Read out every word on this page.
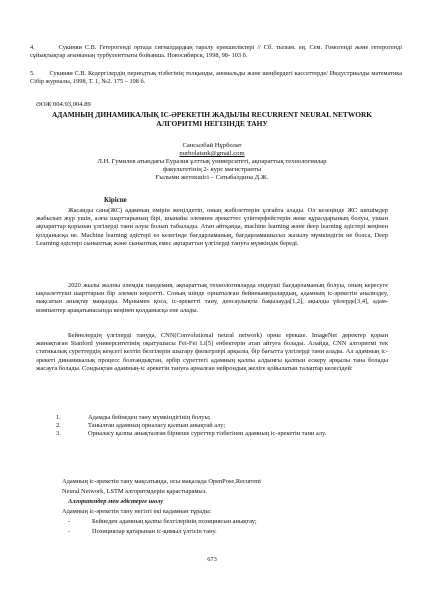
4.        Сукиняи С.В. Гетерогенді ортада сигналдардың таралу ерекшеліктері // Сб. тылым. ең. Сем. Гомогенді және гетерогенді сұйықтықтар ағынының турбуленттығы бойынша. Новосибирск, 1998, 98- 103 б.

5.        Сукиняи С.В. Кедергілердің периодтық тізбегінің толқынды, аномальды және шеңбердегі кассеттерде/ Индустриалды математика Сібір журналы, 1998, Т. 1, №2. 175 – 198 б.

ӘОЖ 004.93,004.89

АДАМНЫҢ ДИНАМИКАЛЫҚ ІС-ӘРЕКЕТІН ЖАДЫЛЫ RECURRENT NEURAL NETWORK АЛГОРИТМІ НЕГІЗІНДЕ ТАНУ

Сансызбай Нұрболат

nurbolatsnk@gmail.com

Л.Н. Гумилев атындағы Еуразия ұлттық университеті, ақпараттық технологиялар

факультетінің 2- курс магистранты

Ғылыми жетекшісі – Сатыбалдина Д.Ж.

Кіріспе

Жасанды сана(ЖС) адамның өмірін жеңілдетіп, оның жәбілеттерін ұлғайта алады. Ол кезеңінде ЖС шешімдер жабылып жүр ушін, алғы шарттарының бірі, шынайы әлемнен әрекеттес үзінтерфейстерін жеке құралдарының болуы, ушын ақпараттар қорынан үлгілерді тани алуы болып табылады. Атап айтқанда, machine learning және deep learning әдістері кеңінен қолданысқа не. Machine learning әдістері өз кезегінде бағдарламаның, бағдарламашысыз жазылу мүмкіндігін не болса, Deep Learning әдістері сыныптық және сыныптық емес ақпараттан үлгілерді тануға мүмкіндік береді.

2020 жылы жалпы әлемдік пандемия, ақпараттық технологияларда ендеуші бағдарламаның болуы, оның кересуге ықпалеттуші шарттарын бір әлемен көрсетті. Соның шінде орнатылған бейнекамералардың, адамның іс-әрекетін анализдеу, мақсатын анықтау маңызды. Мұнымен қоса, іс-әрекетті тану, денсаулықты бақылауда[1,2], ақылды үйлерде[3,4], адам-компьютер арақатынасында кеңінен қолданысқа ене алады.

Бейнелердің үлгілерді тануда, CNN(Convolutional neural network) орны ерекше. ImageNet деректер қорын жинақтаған Stanford университетінің оқытушысы Fei-Fei Li[5] енбектерін атап айтуға болады. Алайда, CNN алгоритмі тек статикалық суреттердің кеңсегі келтіп белгілерін шыгару фильтрлері арқылы, бір бағытта үлгілерді тани алады. Ал адамның іс-әрекеті динамикалық процесс болғандықтан, әрбір суреттегі адамның қалпы алдынғы қалпын ескеру арқылы тана болады жасауға болады. Сондықтан адамның-іс әрекетін тануға арналған нейрондық желіге қойылатын талаптар келесідей:

1.	Адамды бейнеден тану мүмкіндігінің болуы;

2.	Танылған адамның орналасу қалпын анықтай алу;

3.	Орналасу қалпы анықталған бірнеше суреттер тізбегінен адамның іс-әрекетін тани алу.

Адамның іс-әрекетін тану мақсатында, осы мақалада OpenPose,Recurrent

Neural Network, LSTM алгоритмдерін қарастырамыз.

Алгоритмдер мен әдістерге шолу

Адамның іс-әрекетін тану негізгі екі кадамнан тұрады:

-	Бейнеден адамның қалпы белгілерінің позициясын анықтау;

-	Позициялар қатарынан іс-қимыл үлгісін тану.

673
